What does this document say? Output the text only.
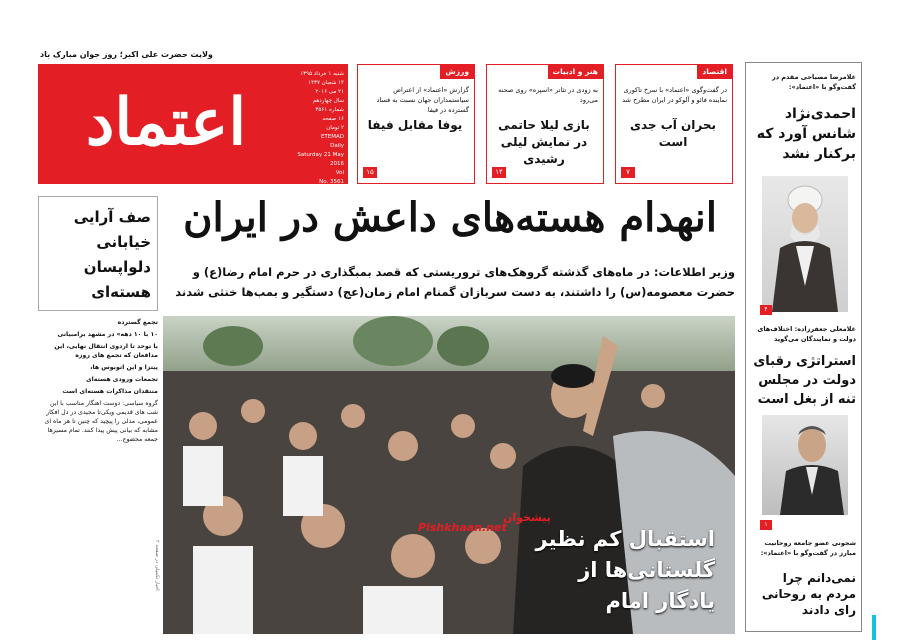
ولایت حضرت علی اکبر؛ روز جوان مبارک باد
اعتماد
شنبه ۱ خرداد ۱۳۹۵
۱۴ شعبان ۱۴۳۷
۲۱ می ۲۰۱۶
سال چهاردهم
شماره ۳۵۶۱
۱۶ صفحه
۲ تومان
ETEMAD
Daily
Saturday 21 May 2016
Vol
No. 3561
ورزش
گزارش «اعتماد» از اعتراض سیاستمداران جهان نسبت به فساد گسترده در فیفا
یوفا مقابل فیفا
۱۵
هنر و ادبیات
به زودی در تئاتر «اسپره» روی صحنه می‌رود
بازی لیلا حاتمی در نمایش لیلی رشیدی
۱۴
اقتصاد
در گفت‌وگوی «اعتماد» با سرخ تاکوری نماینده فائو و آلوکو در ایران مطرح شد
بحران آب جدی است
۷
غلامرضا مصباحی مقدم در گفت‌وگو با «اعتماد»:
احمدی‌نژاد شانس آورد که برکنار نشد
۴
غلامعلی جعفرزاده: اختلاف‌های دولت و نمایندگان می‌گوید
استراتژی رقبای دولت در مجلس تنه از بغل است
۱
شجونی عضو جامعه روحانیت مبارز در گفت‌وگو با «اعتماد»:
نمی‌دانم چرا مردم به روحانی رای دادند
صف آرایی خیابانی دلواپسان هسته‌ای

تجمع گسترده

۱۰ با ۱۰ دهه» در مشهد برامبیانی

با توحد تا اردوی انتقال نهایی، این مدافعان که تجمع های روزه

پیتزا و این اتوبوس ها،

تجمعات ورودی هسته‌ای

منتقدان مذاکرات هسته‌ای است

گروه سیاسی: دوست اهنگار مناسب با این شب های قدیمی ویکی‌تا مجیدی در دل افکار عمومی، مدلی را پیچید که چنین تا هر ماه ای مشابه که بیانی پیش پیدا کنند. تمام مسیرها جمعه محضوح...

انهدام هسته‌های داعش در ایران
وزیر اطلاعات: در ماه‌های گذشته گروهک‌های تروریستی که قصد بمبگذاری در حرم امام رضا(ع) و حضرت معصومه(س) را داشتند، به دست سربازان گمنام امام زمان(عج) دستگیر و بمب‌ها خنثی شدند
پیشخوان
Pishkhaan.net	استقبال کم نظیر گلستانی‌ها از یادگار امام
اخبار تکمیلی در صفحه ۲
